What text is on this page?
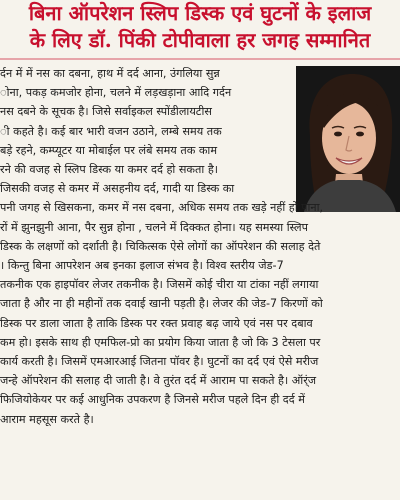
बिना ऑपरेशन स्लिप डिस्क एवं घुटनों के इलाज
के लिए डॉ. पिंकी टोपीवाला हर जगह सम्मानित
र्दन में में नस का दबना, हाथ में दर्द आना, उंगलिया सुन्न
ोना, पकड़ कमजोर होना, चलने में लड़खड़ाना आदि गर्दन
नस दबने के सूचक है। जिसे सर्वाइकल स्पोंडीलायटीस
ी कहते है। कई बार भारी वजन उठाने, लम्बे समय तक
बड़े रहने, कम्प्यूटर या मोबाईल पर लंबे समय तक काम
रने की वजह से स्लिप डिस्क या कमर दर्द हो सकता है।
जिसकी वजह से कमर में असहनीय दर्द, गादी या डिस्क का
पनी जगह से खिसकना, कमर में नस दबना, अधिक समय तक खड़े नहीं हो पाना,
रों में झुनझुनी आना, पैर सुन्न होना , चलने में दिक्कत होना। यह समस्या स्लिप
डिस्क के लक्षणों को दर्शाती है। चिकित्सक ऐसे लोगों का ऑपरेशन की सलाह देते
। किन्तु बिना आपरेशन अब इनका इलाज संभव है। विश्व स्तरीय जेड-7
तकनीक एक हाइपॉवर लेजर तकनीक है। जिसमें कोई चीरा या टांका नहीं लगाया
जाता है और ना ही महीनों तक दवाई खानी पड़ती है। लेजर की जेड-7 किरणों को
डिस्क पर डाला जाता है ताकि डिस्क पर रक्त प्रवाह बढ़ जाये एवं नस पर दबाव
कम हो। इसके साथ ही एमफिल-प्रो का प्रयोग किया जाता है जो कि 3 टेसला पर
कार्य करती है। जिसमें एमआरआई जितना पॉवर है। घुटनों का दर्द एवं ऐसे मरीज
जन्हे ऑपरेशन की सलाह दी जाती है। वे तुरंत दर्द में आराम पा सकते है। ऑर्ंज
फिजियोकेयर पर कई आधुनिक उपकरण है जिनसे मरीज पहले दिन ही दर्द में
आराम महसूस करते है।
